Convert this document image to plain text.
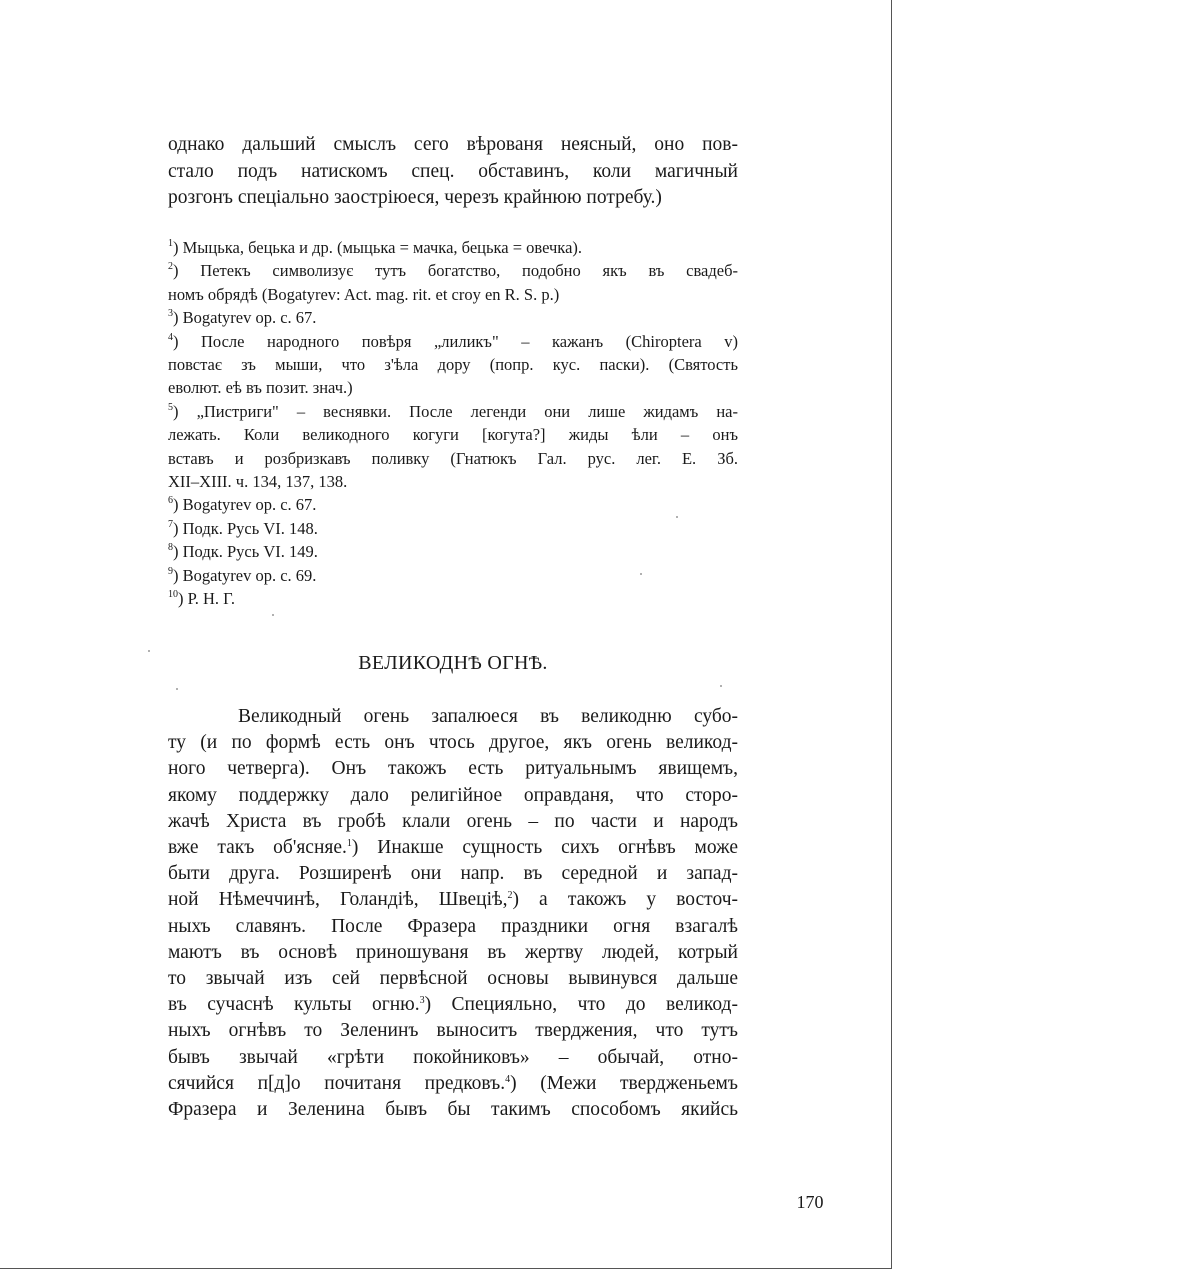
однако дальший смыслъ сего вѣрованя неясный, оно пов-
стало подъ натискомъ спец. обставинъ, коли магичный
розгонъ спеціально заостріюеся, черезъ крайнюю потребу.)
$^1$) Мыцька, бецька и др. (мыцька = мачка, бецька = овечка).
$^2$) Петекъ символизує тутъ богатство, подобно якъ въ свадеб-
номъ обрядѣ (Bogatyrev: Act. mag. rit. et croy en R. S. p.)
$^3$) Bogatyrev op. c. 67.
$^4$) После народного повѣря „лиликъ" – кажанъ (Chiroptera v)
повстає зъ мыши, что з'ѣла дору (попр. кус. паски). (Святость
еволют. еѣ въ позит. знач.)
$^5$) „Пистриги" – веснявки. После легенди они лише жидамъ на-
лежать. Коли великодного когуги [когута?] жиды ѣли – онъ
вставъ и розбризкавъ поливку (Гнатюкъ Гал. рус. лег. Е. Зб.
XII–XIII. ч. 134, 137, 138.
$^6$) Bogatyrev op. c. 67.
$^7$) Подк. Русь VI. 148.
$^8$) Подк. Русь VI. 149.
$^9$) Bogatyrev op. c. 69.
$^{10}$) Р. Н. Г.
ВЕЛИКОДНѢ ОГНѢ.
Великодный огень запалюеся въ великодню субо-
ту (и по формѣ есть онъ чтось другое, якъ огень великод-
ного четверга). Онъ такожъ есть ритуальнымъ явищемъ,
якому поддержку дало религійное оправданя, что сторо-
жачѣ Христа въ гробѣ клали огень – по части и народъ
вже такъ об'ясняе.$^1$) Инакше сущность сихъ огнѣвъ може
быти друга. Розширенѣ они напр. въ середной и запад-
ной Нѣмеччинѣ, Голандіѣ, Швеціѣ,$^2$) а такожъ у восточ-
ныхъ славянъ. После Фразера праздники огня взагалѣ
маютъ въ основѣ приношуваня въ жертву людей, котрый
то звычай изъ сей первѣсной основы вывинувся дальше
въ сучаснѣ культы огню.$^3$) Специяльно, что до великод-
ныхъ огнѣвъ то Зеленинъ выноситъ тверджения, что тутъ
бывъ звычай «грѣти покойниковъ» – обычай, отно-
сячийся п[д]о почитаня предковъ.$^4$) (Межи твердженьемъ
Фразера и Зеленина бывъ бы такимъ способомъ якийсь
170
